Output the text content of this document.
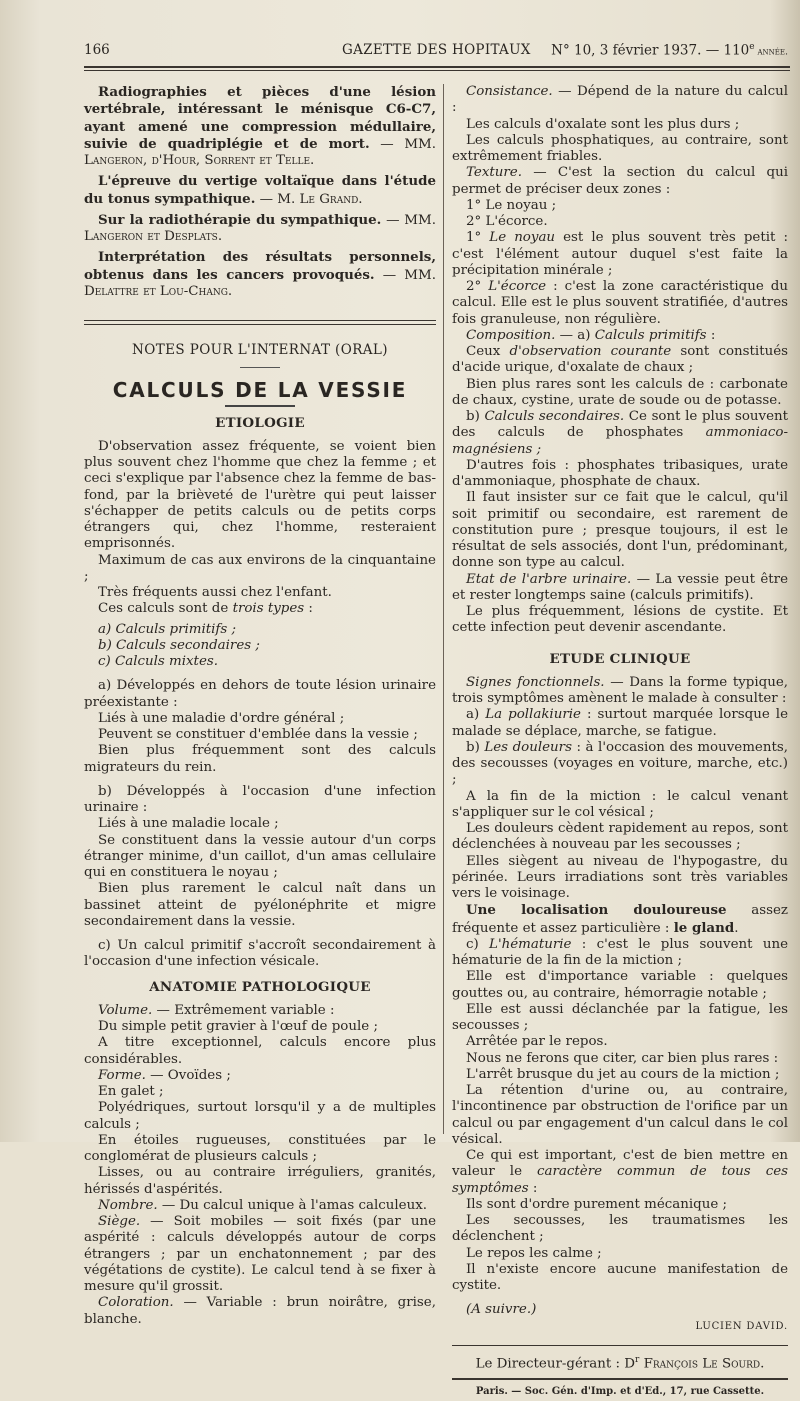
166	GAZETTE DES HOPITAUX N° 10, 3 février 1937. — 110e année.

Radiographies et pièces d'une lésion vertébrale, intéressant le ménisque C6-C7, ayant amené une compression médullaire, suivie de quadriplégie et de mort. — MM. Langeron, d'Hour, Sorrent et Telle.

L'épreuve du vertige voltaïque dans l'étude du tonus sympathique. — M. Le Grand.

Sur la radiothérapie du sympathique. — MM. Langeron et Desplats.

Interprétation des résultats personnels, obtenus dans les cancers provoqués. — MM. Delattre et Lou-Chang.

NOTES POUR L'INTERNAT (ORAL)
CALCULS DE LA VESSIE
ETIOLOGIE

D'observation assez fréquente, se voient bien plus souvent chez l'homme que chez la femme ; et ceci s'explique par l'absence chez la femme de bas-fond, par la brièveté de l'urètre qui peut laisser s'échapper de petits calculs ou de petits corps étrangers qui, chez l'homme, resteraient emprisonnés.

Maximum de cas aux environs de la cinquantaine ;

Très fréquents aussi chez l'enfant.

Ces calculs sont de trois types :

a) Calculs primitifs ;

b) Calculs secondaires ;

c) Calculs mixtes.

a) Développés en dehors de toute lésion urinaire préexistante :

Liés à une maladie d'ordre général ;

Peuvent se constituer d'emblée dans la vessie ;

Bien plus fréquemment sont des calculs migrateurs du rein.

b) Développés à l'occasion d'une infection urinaire :

Liés à une maladie locale ;

Se constituent dans la vessie autour d'un corps étranger minime, d'un caillot, d'un amas cellulaire qui en constituera le noyau ;

Bien plus rarement le calcul naît dans un bassinet atteint de pyélonéphrite et migre secondairement dans la vessie.

c) Un calcul primitif s'accroît secondairement à l'occasion d'une infection vésicale.

ANATOMIE PATHOLOGIQUE

Volume. — Extrêmement variable :

Du simple petit gravier à l'œuf de poule ;

A titre exceptionnel, calculs encore plus considérables.

Forme. — Ovoïdes ;

En galet ;

Polyédriques, surtout lorsqu'il y a de multiples calculs ;

En étoiles rugueuses, constituées par le conglomérat de plusieurs calculs ;

Lisses, ou au contraire irréguliers, granités, hérissés d'aspérités.

Nombre. — Du calcul unique à l'amas calculeux.

Siège. — Soit mobiles — soit fixés (par une aspérité : calculs développés autour de corps étrangers ; par un enchatonnement ; par des végétations de cystite). Le calcul tend à se fixer à mesure qu'il grossit.

Coloration. — Variable : brun noirâtre, grise, blanche.

Consistance. — Dépend de la nature du calcul :

Les calculs d'oxalate sont les plus durs ;

Les calculs phosphatiques, au contraire, sont extrêmement friables.

Texture. — C'est la section du calcul qui permet de préciser deux zones :

1° Le noyau ;

2° L'écorce.

1° Le noyau est le plus souvent très petit : c'est l'élément autour duquel s'est faite la précipitation minérale ;

2° L'écorce : c'est la zone caractéristique du calcul. Elle est le plus souvent stratifiée, d'autres fois granuleuse, non régulière.

Composition. — a) Calculs primitifs :

Ceux d'observation courante sont constitués d'acide urique, d'oxalate de chaux ;

Bien plus rares sont les calculs de : carbonate de chaux, cystine, urate de soude ou de potasse.

b) Calculs secondaires. Ce sont le plus souvent des calculs de phosphates ammoniaco-magnésiens ;

D'autres fois : phosphates tribasiques, urate d'ammoniaque, phosphate de chaux.

Il faut insister sur ce fait que le calcul, qu'il soit primitif ou secondaire, est rarement de constitution pure ; presque toujours, il est le résultat de sels associés, dont l'un, prédominant, donne son type au calcul.

Etat de l'arbre urinaire. — La vessie peut être et rester longtemps saine (calculs primitifs).

Le plus fréquemment, lésions de cystite. Et cette infection peut devenir ascendante.

ETUDE CLINIQUE

Signes fonctionnels. — Dans la forme typique, trois symptômes amènent le malade à consulter :

a) La pollakiurie : surtout marquée lorsque le malade se déplace, marche, se fatigue.

b) Les douleurs : à l'occasion des mouvements, des secousses (voyages en voiture, marche, etc.) ;

A la fin de la miction : le calcul venant s'appliquer sur le col vésical ;

Les douleurs cèdent rapidement au repos, sont déclenchées à nouveau par les secousses ;

Elles siègent au niveau de l'hypogastre, du périnée. Leurs irradiations sont très variables vers le voisinage.

Une localisation douloureuse assez fréquente et assez particulière : le gland.

c) L'hématurie : c'est le plus souvent une hématurie de la fin de la miction ;

Elle est d'importance variable : quelques gouttes ou, au contraire, hémorragie notable ;

Elle est aussi déclanchée par la fatigue, les secousses ;

Arrêtée par le repos.

Nous ne ferons que citer, car bien plus rares :

L'arrêt brusque du jet au cours de la miction ;

La rétention d'urine ou, au contraire, l'incontinence par obstruction de l'orifice par un calcul ou par engagement d'un calcul dans le col vésical.

Ce qui est important, c'est de bien mettre en valeur le caractère commun de tous ces symptômes :

Ils sont d'ordre purement mécanique ;

Les secousses, les traumatismes les déclenchent ;

Le repos les calme ;

Il n'existe encore aucune manifestation de cystite.

(A suivre.)

LUCIEN DAVID.
Le Directeur-gérant : $D^r$ François Le Sourd.
Paris. — Soc. Gén. d'Imp. et d'Ed., 17, rue Cassette.
